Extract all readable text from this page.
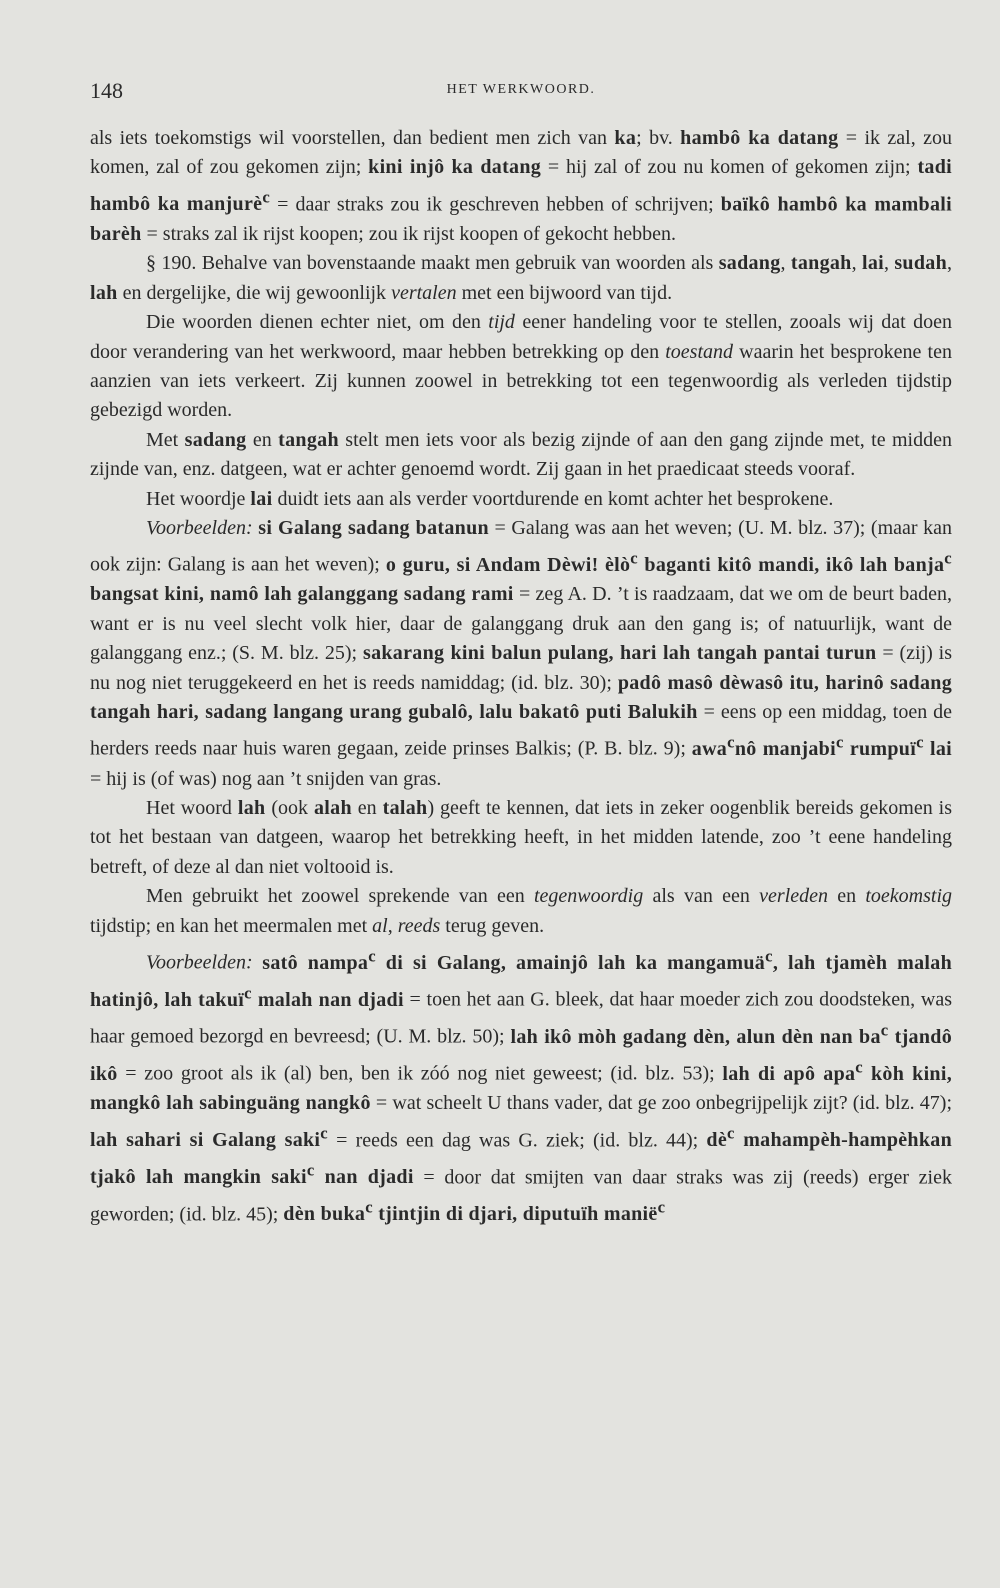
148	HET WERKWOORD.

als iets toekomstigs wil voorstellen, dan bedient men zich van ka; bv. hambô ka datang = ik zal, zou komen, zal of zou gekomen zijn; kini injô ka datang = hij zal of zou nu komen of gekomen zijn; tadi hambô ka manjurè$^c$ = daar straks zou ik geschreven hebben of schrijven; baïkô hambô ka mambali barèh = straks zal ik rijst koopen; zou ik rijst koopen of gekocht hebben.

§ 190. Behalve van bovenstaande maakt men gebruik van woorden als sadang, tangah, lai, sudah, lah en dergelijke, die wij gewoonlijk vertalen met een bijwoord van tijd.

Die woorden dienen echter niet, om den tijd eener handeling voor te stellen, zooals wij dat doen door verandering van het werkwoord, maar hebben betrekking op den toestand waarin het besprokene ten aanzien van iets verkeert. Zij kunnen zoowel in betrekking tot een tegenwoordig als verleden tijdstip gebezigd worden.

Met sadang en tangah stelt men iets voor als bezig zijnde of aan den gang zijnde met, te midden zijnde van, enz. datgeen, wat er achter genoemd wordt. Zij gaan in het praedicaat steeds vooraf.

Het woordje lai duidt iets aan als verder voortdurende en komt achter het besprokene.

Voorbeelden: si Galang sadang batanun = Galang was aan het weven; (U. M. blz. 37); (maar kan ook zijn: Galang is aan het weven); o guru, si Andam Dèwi! èlò$^c$ baganti kitô mandi, ikô lah banja$^c$ bangsat kini, namô lah galanggang sadang rami = zeg A. D. ’t is raadzaam, dat we om de beurt baden, want er is nu veel slecht volk hier, daar de galanggang druk aan den gang is; of natuurlijk, want de galanggang enz.; (S. M. blz. 25); sakarang kini balun pulang, hari lah tangah pantai turun = (zij) is nu nog niet teruggekeerd en het is reeds namiddag; (id. blz. 30); padô masô dèwasô itu, harinô sadang tangah hari, sadang langang urang gubalô, lalu bakatô puti Balukih = eens op een middag, toen de herders reeds naar huis waren gegaan, zeide prinses Balkis; (P. B. blz. 9); awa$^c$nô manjabi$^c$ rumpuï$^c$ lai = hij is (of was) nog aan ’t snijden van gras.

Het woord lah (ook alah en talah) geeft te kennen, dat iets in zeker oogenblik bereids gekomen is tot het bestaan van datgeen, waarop het betrekking heeft, in het midden latende, zoo ’t eene handeling betreft, of deze al dan niet voltooid is.

Men gebruikt het zoowel sprekende van een tegenwoordig als van een verleden en toekomstig tijdstip; en kan het meermalen met al, reeds terug geven.

Voorbeelden: satô nampa$^c$ di si Galang, amainjô lah ka mangamuä$^c$, lah tjamèh malah hatinjô, lah takuï$^c$ malah nan djadi = toen het aan G. bleek, dat haar moeder zich zou doodsteken, was haar gemoed bezorgd en bevreesd; (U. M. blz. 50); lah ikô mòh gadang dèn, alun dèn nan $ba^c$ tjandô ikô = zoo groot als ik (al) ben, ben ik zóó nog niet geweest; (id. blz. 53); lah di apô apa$^c$ kòh kini, mangkô lah sabinguäng nangkô = wat scheelt U thans vader, dat ge zoo onbegrijpelijk zijt? (id. blz. 47); lah sahari si Galang saki$^c$ = reeds een dag was G. ziek; (id. blz. 44); $dè^c$ mahampèh-hampèhkan tjakô lah mangkin saki$^c$ nan djadi = door dat smijten van daar straks was zij (reeds) erger ziek geworden; (id. blz. 45); dèn buka$^c$ tjintjin di djari, diputuïh manië$^c$
